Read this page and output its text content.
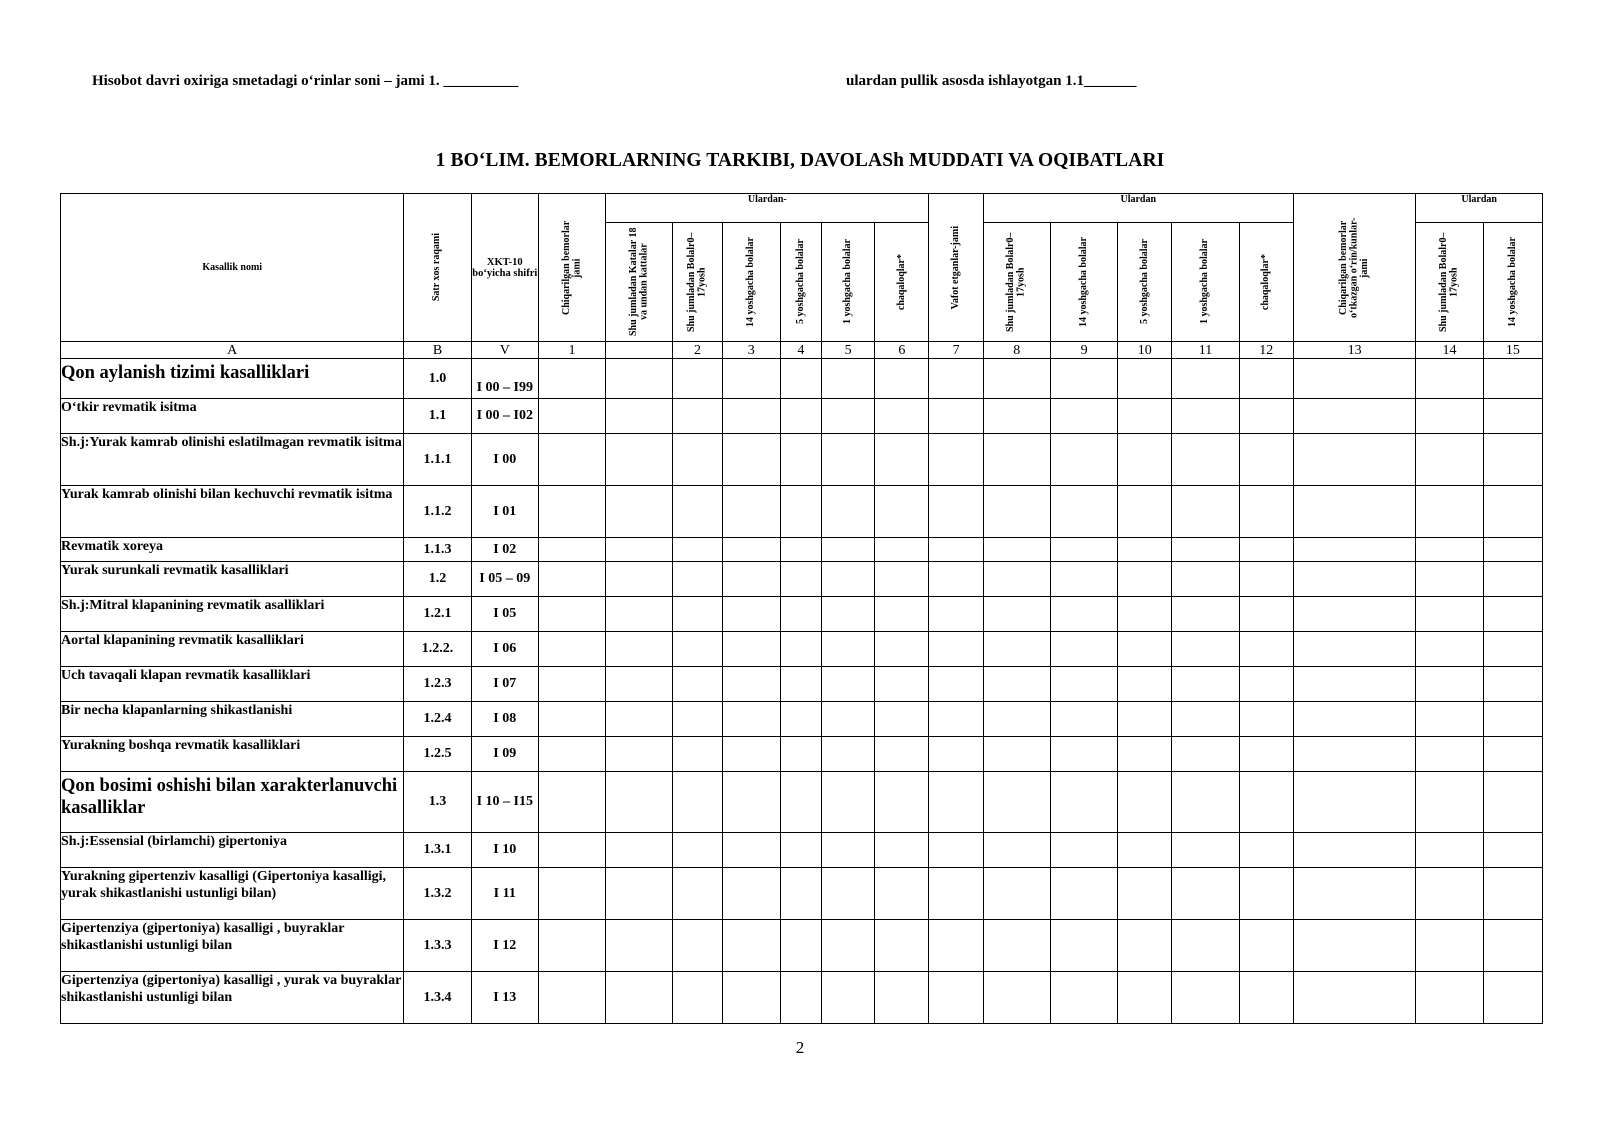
Hisobot davri oxiriga smetadagi o‘rinlar soni – jami 1. __________	ulardan pullik asosda ishlayotgan 1.1_______
1 BO‘LIM. BEMORLARNING TARKIBI, DAVOLASh MUDDATI VA OQIBATLARI
Kasallik nomi	Satr xos raqami	XKT-10 bo‘yicha shifri	Chiqarilgan bemorlar jami	Ulardan-						Vafot etganlar-jami	Ulardan					Chiqarilgan bemorlar o‘tkazgan o‘rin/kunlar-jami	Ulardan	

				Shu jumladan Katalar 18 va undan kattalar	Shu jumladan Bolalr0–17yosh	14 yoshgacha bolalar	5 yoshgacha bolalar	1 yoshgacha bolalar	chaqaloqlar*		Shu jumladan Bolalr0–17yosh	14 yoshgacha bolalar	5 yoshgacha bolalar	1 yoshgacha bolalar	chaqaloqlar*		Shu jumladan Bolalr0–17yosh	14 yoshgacha bolalar

A	B	V	1		2	3	4	5	6	7	8	9	10	11	12	13	14	15
Qon aylanish tizimi kasalliklari	1.0	I 00 – I99																
O‘tkir revmatik isitma	1.1	I 00 – I02																
Sh.j:Yurak kamrab olinishi eslatilmagan revmatik isitma	1.1.1	I 00																
Yurak kamrab olinishi bilan kechuvchi revmatik isitma	1.1.2	I 01																
Revmatik xoreya	1.1.3	I 02																
Yurak surunkali revmatik kasalliklari	1.2	I 05 – 09																
Sh.j:Mitral klapanining revmatik asalliklari	1.2.1	I 05																
Aortal klapanining revmatik kasalliklari	1.2.2.	I 06																
Uch tavaqali klapan revmatik kasalliklari	1.2.3	I 07																
Bir necha klapanlarning shikastlanishi	1.2.4	I 08																
Yurakning boshqa revmatik kasalliklari	1.2.5	I 09																
Qon bosimi oshishi bilan xarakterlanuvchi kasalliklar	1.3	I 10 – I15																
Sh.j:Essensial (birlamchi) gipertoniya	1.3.1	I 10																
Yurakning gipertenziv kasalligi (Gipertoniya kasalligi, yurak shikastlanishi ustunligi bilan)	1.3.2	I 11																
Gipertenziya (gipertoniya) kasalligi , buyraklar shikastlanishi ustunligi bilan	1.3.3	I 12																
Gipertenziya (gipertoniya) kasalligi , yurak va buyraklar shikastlanishi ustunligi bilan	1.3.4	I 13																
2
